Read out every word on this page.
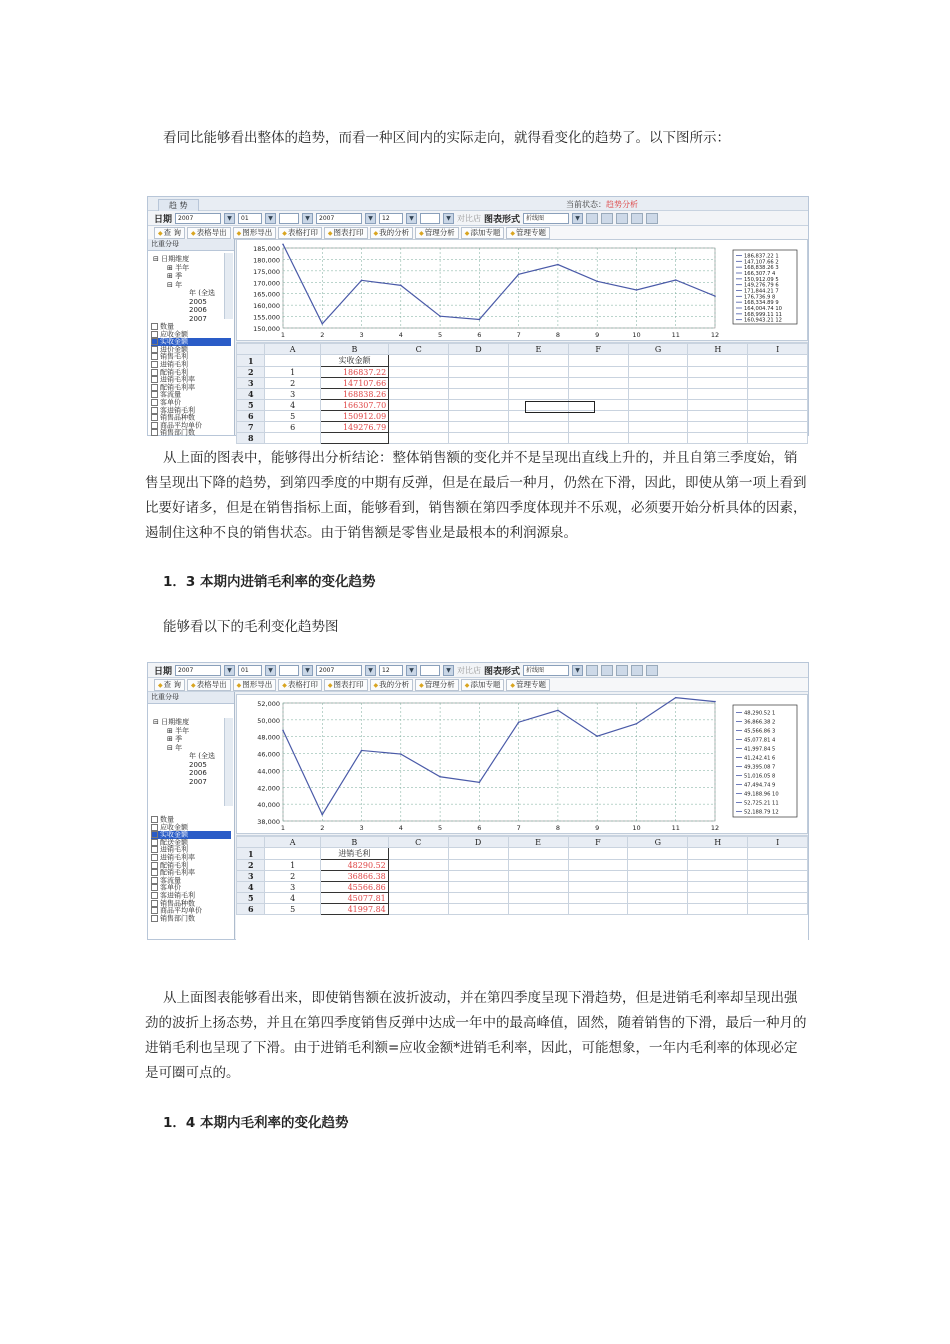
看同比能够看出整体的趋势，而看一种区间内的实际走向，就得看变化的趋势了。以下图所示：
趋 势	当前状态：趋势分析
日期	2007	▼	01	▼	▼	2007	▼	12	▼	▼ 对比店 图表形式	折线图	▼
◆ 查 询	◆ 表格导出	◆ 图形导出	◆ 表格打印	◆ 图表打印	◆ 我的分析	◆ 管理分析	◆ 添加专题	◆ 管理专题
比重分母
⊟ 日期维度
⊞ 半年
⊞ 季
⊟ 年
年 (全选
2005
2006
2007
数量
应收金额
实收金额
进价金额
销售毛利
进销毛利
配销毛利
进销毛利率
配销毛利率
客流量
客单价
客进销毛利
销售品种数
商品平均单价
销售部门数
185,000
180,000
175,000
170,000
165,000
160,000
155,000
150,000
1	2	3	4	5	6	7	8	9	10	11	12
186,837.22 1
147,107.66 2
168,838.26 3
166,307.7 4
150,912.09 5
149,276.79 6
171,844.21 7
176,736.9 8
168,334.89 9
164,004.74 10
168,999.11 11
160,943.21 12
	A	B	C	D	E	F	G	H	I
1		实收金额							
2	1	186837.22							
3	2	147107.66							
4	3	168838.26							
5	4	166307.70							
6	5	150912.09							
7	6	149276.79							
8									
从上面的图表中，能够得出分析结论：整体销售额的变化并不是呈现出直线上升的，并且自第三季度始，销售呈现出下降的趋势，到第四季度的中期有反弹，但是在最后一种月，仍然在下滑，因此，即使从第一项上看到比要好诸多，但是在销售指标上面，能够看到，销售额在第四季度体现并不乐观，必须要开始分析具体的因素，遏制住这种不良的销售状态。由于销售额是零售业是最根本的利润源泉。
1．3 本期内进销毛利率的变化趋势
能够看以下的毛利变化趋势图
日期	2007	▼	01	▼	▼	2007	▼	12	▼	▼ 对比店 图表形式	折线图	▼
◆ 查 询	◆ 表格导出	◆ 图形导出	◆ 表格打印	◆ 图表打印	◆ 我的分析	◆ 管理分析	◆ 添加专题	◆ 管理专题
比重分母
⊟ 日期维度
⊞ 半年
⊞ 季
⊟ 年
年 (全选
2005
2006
2007
数量
应收金额
实收金额
配送金额
进销毛利
进销毛利率
配销毛利
配销毛利率
客流量
客单价
客进销毛利
销售品种数
商品平均单价
销售部门数
52,000
50,000
48,000
46,000
44,000
42,000
40,000
38,000
1	2	3	4	5	6	7	8	9	10	11	12
48,290.52 1
36,866.38 2
45,566.86 3
45,077.81 4
41,997.84 5
41,242.41 6
49,395.08 7
51,016.05 8
47,494.74 9
49,188.96 10
52,725.21 11
52,188.79 12
	A	B	C	D	E	F	G	H	I
1		进销毛利							
2	1	48290.52							
3	2	36866.38							
4	3	45566.86							
5	4	45077.81							
6	5	41997.84							
从上面图表能够看出来，即使销售额在波折波动，并在第四季度呈现下滑趋势，但是进销毛利率却呈现出强劲的波折上扬态势，并且在第四季度销售反弹中达成一年中的最高峰值，固然，随着销售的下滑，最后一种月的进销毛利也呈现了下滑。由于进销毛利额=应收金额*进销毛利率，因此，可能想象，一年内毛利率的体现必定是可圈可点的。
1．4 本期内毛利率的变化趋势
